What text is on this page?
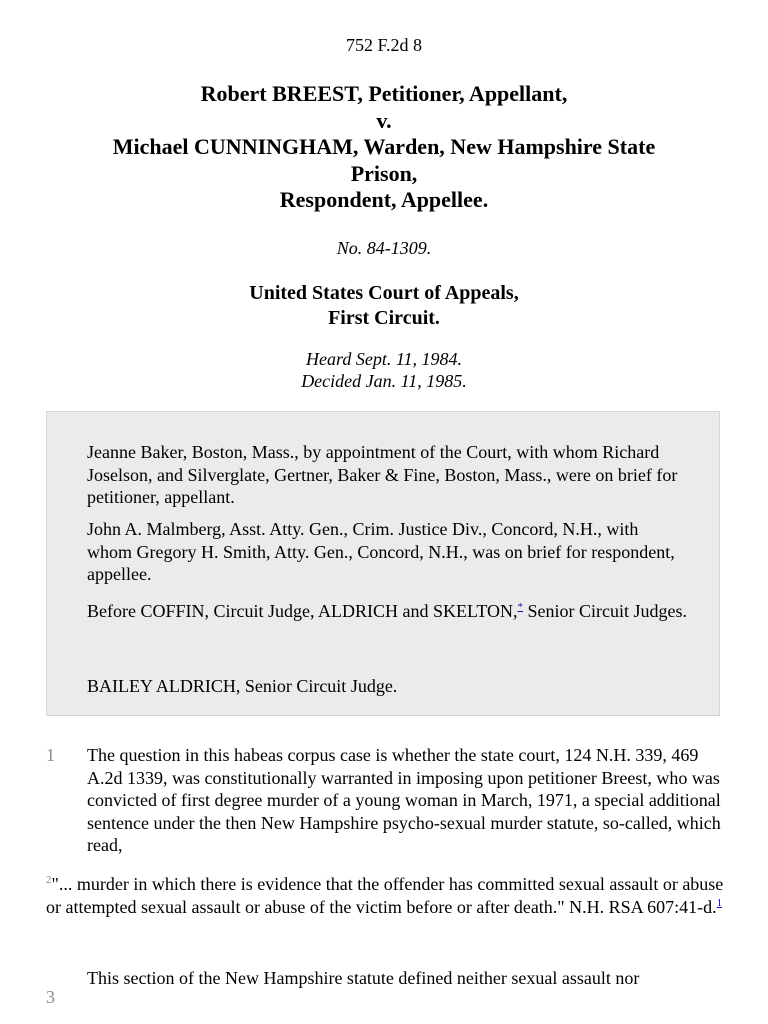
752 F.2d 8
Robert BREEST, Petitioner, Appellant,
v.
Michael CUNNINGHAM, Warden, New Hampshire State
Prison,
Respondent, Appellee.
No. 84-1309.
United States Court of Appeals,
First Circuit.
Heard Sept. 11, 1984.
Decided Jan. 11, 1985.

Jeanne Baker, Boston, Mass., by appointment of the Court, with whom Richard Joselson, and Silverglate, Gertner, Baker & Fine, Boston, Mass., were on brief for petitioner, appellant.

John A. Malmberg, Asst. Atty. Gen., Crim. Justice Div., Concord, N.H., with whom Gregory H. Smith, Atty. Gen., Concord, N.H., was on brief for respondent, appellee.

Before COFFIN, Circuit Judge, ALDRICH and SKELTON,* Senior Circuit Judges.

BAILEY ALDRICH, Senior Circuit Judge.

1 The question in this habeas corpus case is whether the state court, 124 N.H. 339, 469 A.2d 1339, was constitutionally warranted in imposing upon petitioner Breest, who was convicted of first degree murder of a young woman in March, 1971, a special additional sentence under the then New Hampshire psycho-sexual murder statute, so-called, which read,

$^2$"... murder in which there is evidence that the offender has committed sexual assault or abuse or attempted sexual assault or abuse of the victim before or after death." N.H. RSA 607:41-d.$^1$

3

This section of the New Hampshire statute defined neither sexual assault nor
